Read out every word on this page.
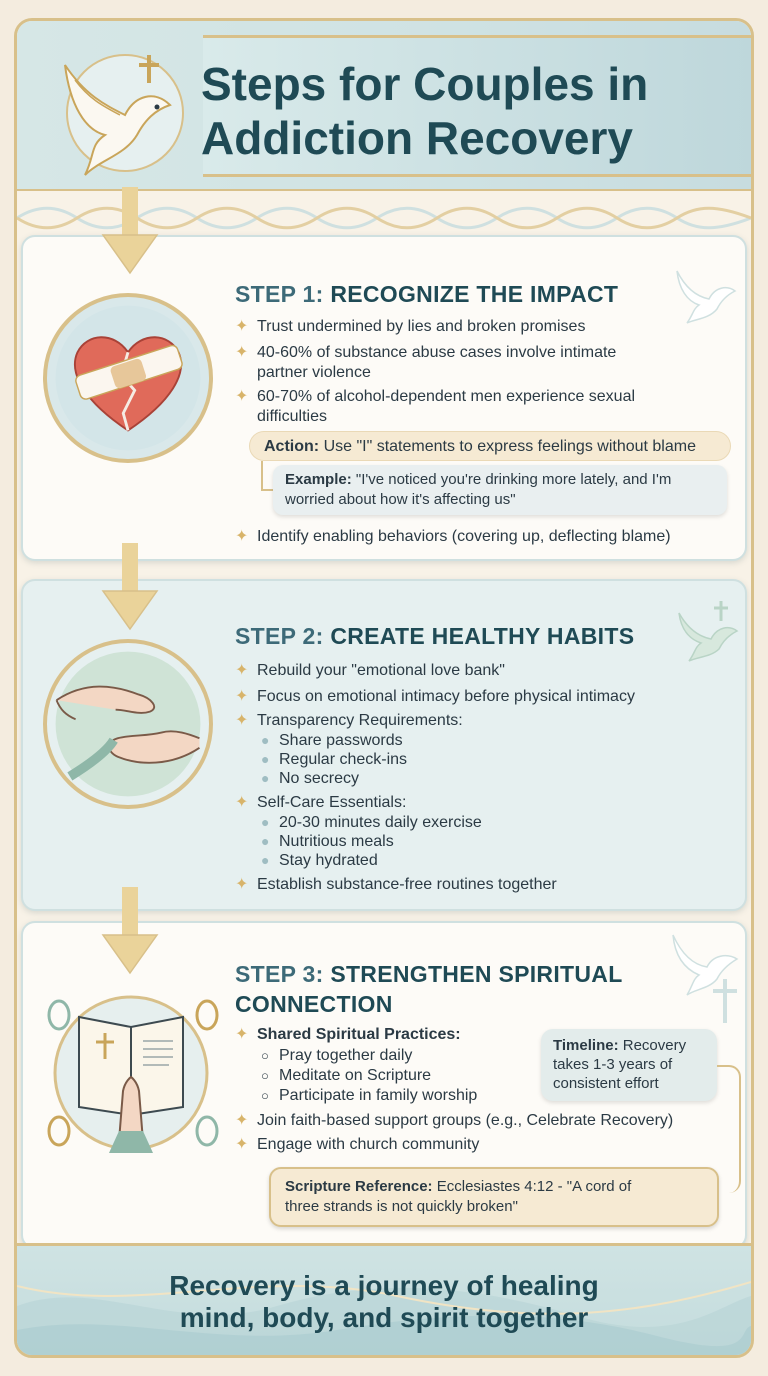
Steps for Couples in
Addiction Recovery
STEP 1: RECOGNIZE THE IMPACT
✦ Trust undermined by lies and broken promises
✦ 40-60% of substance abuse cases involve intimate
partner violence
✦ 60-70% of alcohol-dependent men experience sexual
difficulties
Action: Use "I" statements to express feelings without blame
Example: "I've noticed you're drinking more lately, and I'm
worried about how it's affecting us"
✦ Identify enabling behaviors (covering up, deflecting blame)
STEP 2: CREATE HEALTHY HABITS
✦ Rebuild your "emotional love bank"
✦ Focus on emotional intimacy before physical intimacy
✦ Transparency Requirements:
● Share passwords
● Regular check-ins
● No secrecy
✦ Self-Care Essentials:
● 20-30 minutes daily exercise
● Nutritious meals
● Stay hydrated
✦ Establish substance-free routines together
STEP 3: STRENGTHEN SPIRITUAL
CONNECTION
✦ Shared Spiritual Practices:
○ Pray together daily
○ Meditate on Scripture
○ Participate in family worship
✦ Join faith-based support groups (e.g., Celebrate Recovery)
✦ Engage with church community
Timeline: Recovery
takes 1-3 years of
consistent effort
Scripture Reference: Ecclesiastes 4:12 - "A cord of
three strands is not quickly broken"
Recovery is a journey of healing
mind, body, and spirit together
